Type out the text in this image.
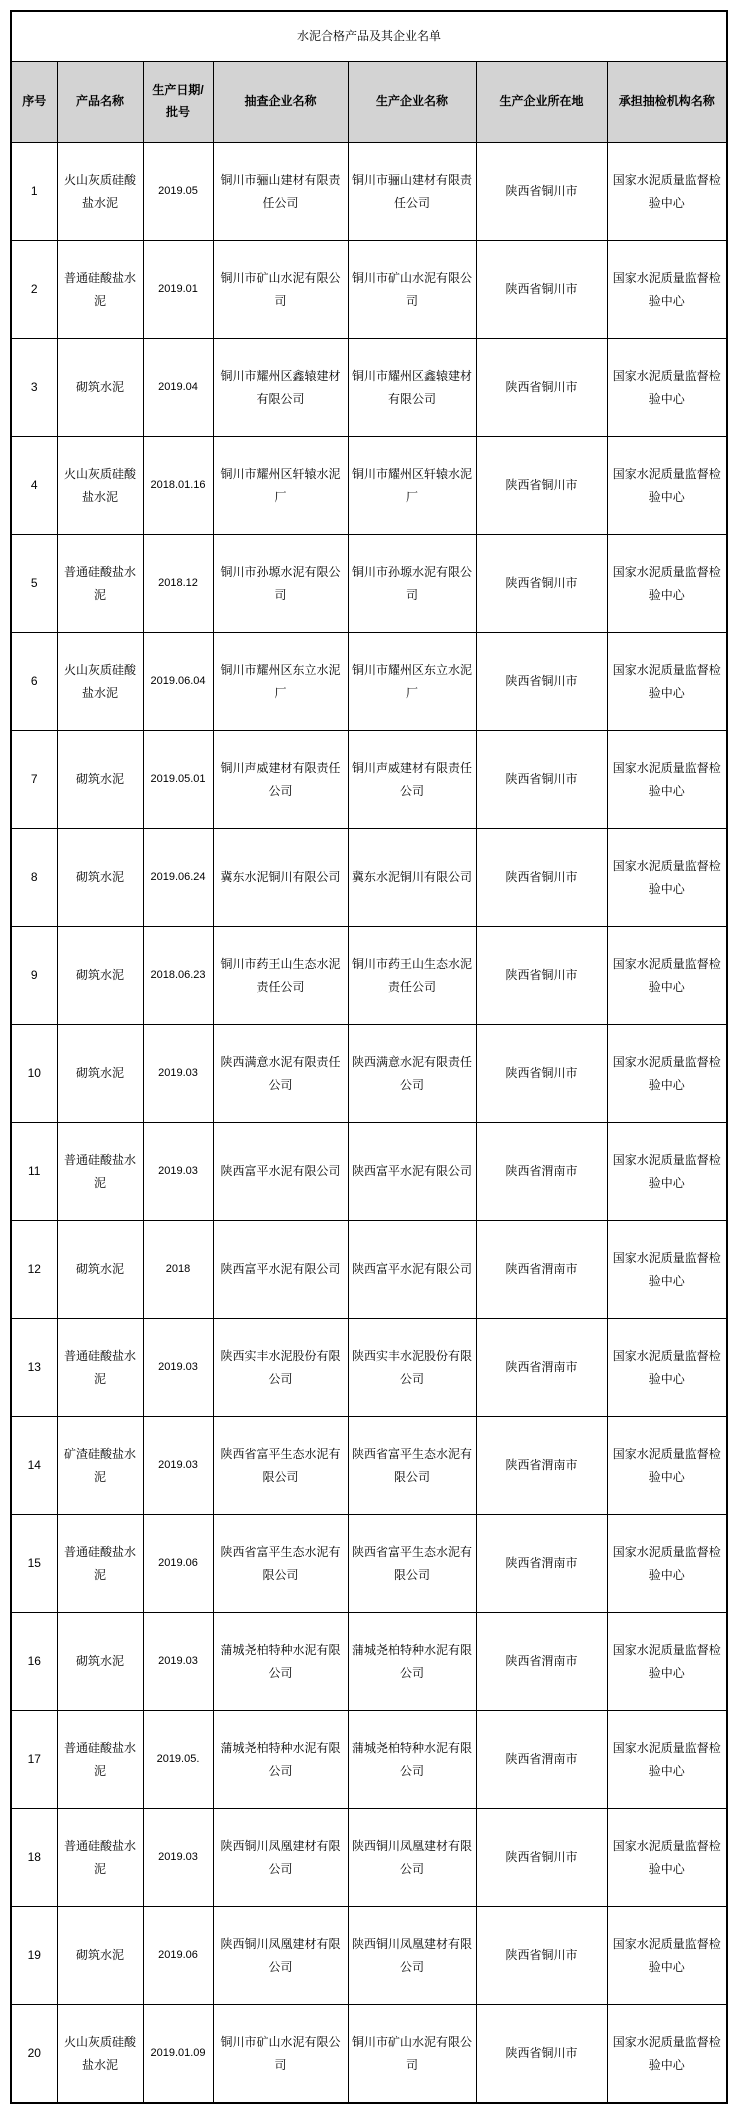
水泥合格产品及其企业名单						
序号	产品名称	生产日期/批号	抽查企业名称	生产企业名称	生产企业所在地	承担抽检机构名称
1	火山灰质硅酸盐水泥	2019.05	铜川市骊山建材有限责任公司	铜川市骊山建材有限责任公司	陕西省铜川市	国家水泥质量监督检验中心
2	普通硅酸盐水泥	2019.01	铜川市矿山水泥有限公司	铜川市矿山水泥有限公司	陕西省铜川市	国家水泥质量监督检验中心
3	砌筑水泥	2019.04	铜川市耀州区鑫辕建材有限公司	铜川市耀州区鑫辕建材有限公司	陕西省铜川市	国家水泥质量监督检验中心
4	火山灰质硅酸盐水泥	2018.01.16	铜川市耀州区轩辕水泥厂	铜川市耀州区轩辕水泥厂	陕西省铜川市	国家水泥质量监督检验中心
5	普通硅酸盐水泥	2018.12	铜川市孙塬水泥有限公司	铜川市孙塬水泥有限公司	陕西省铜川市	国家水泥质量监督检验中心
6	火山灰质硅酸盐水泥	2019.06.04	铜川市耀州区东立水泥厂	铜川市耀州区东立水泥厂	陕西省铜川市	国家水泥质量监督检验中心
7	砌筑水泥	2019.05.01	铜川声威建材有限责任公司	铜川声威建材有限责任公司	陕西省铜川市	国家水泥质量监督检验中心
8	砌筑水泥	2019.06.24	冀东水泥铜川有限公司	冀东水泥铜川有限公司	陕西省铜川市	国家水泥质量监督检验中心
9	砌筑水泥	2018.06.23	铜川市药王山生态水泥责任公司	铜川市药王山生态水泥责任公司	陕西省铜川市	国家水泥质量监督检验中心
10	砌筑水泥	2019.03	陕西满意水泥有限责任公司	陕西满意水泥有限责任公司	陕西省铜川市	国家水泥质量监督检验中心
11	普通硅酸盐水泥	2019.03	陕西富平水泥有限公司	陕西富平水泥有限公司	陕西省渭南市	国家水泥质量监督检验中心
12	砌筑水泥	2018	陕西富平水泥有限公司	陕西富平水泥有限公司	陕西省渭南市	国家水泥质量监督检验中心
13	普通硅酸盐水泥	2019.03	陕西实丰水泥股份有限公司	陕西实丰水泥股份有限公司	陕西省渭南市	国家水泥质量监督检验中心
14	矿渣硅酸盐水泥	2019.03	陕西省富平生态水泥有限公司	陕西省富平生态水泥有限公司	陕西省渭南市	国家水泥质量监督检验中心
15	普通硅酸盐水泥	2019.06	陕西省富平生态水泥有限公司	陕西省富平生态水泥有限公司	陕西省渭南市	国家水泥质量监督检验中心
16	砌筑水泥	2019.03	蒲城尧柏特种水泥有限公司	蒲城尧柏特种水泥有限公司	陕西省渭南市	国家水泥质量监督检验中心
17	普通硅酸盐水泥	2019.05.	蒲城尧柏特种水泥有限公司	蒲城尧柏特种水泥有限公司	陕西省渭南市	国家水泥质量监督检验中心
18	普通硅酸盐水泥	2019.03	陕西铜川凤凰建材有限公司	陕西铜川凤凰建材有限公司	陕西省铜川市	国家水泥质量监督检验中心
19	砌筑水泥	2019.06	陕西铜川凤凰建材有限公司	陕西铜川凤凰建材有限公司	陕西省铜川市	国家水泥质量监督检验中心
20	火山灰质硅酸盐水泥	2019.01.09	铜川市矿山水泥有限公司	铜川市矿山水泥有限公司	陕西省铜川市	国家水泥质量监督检验中心
